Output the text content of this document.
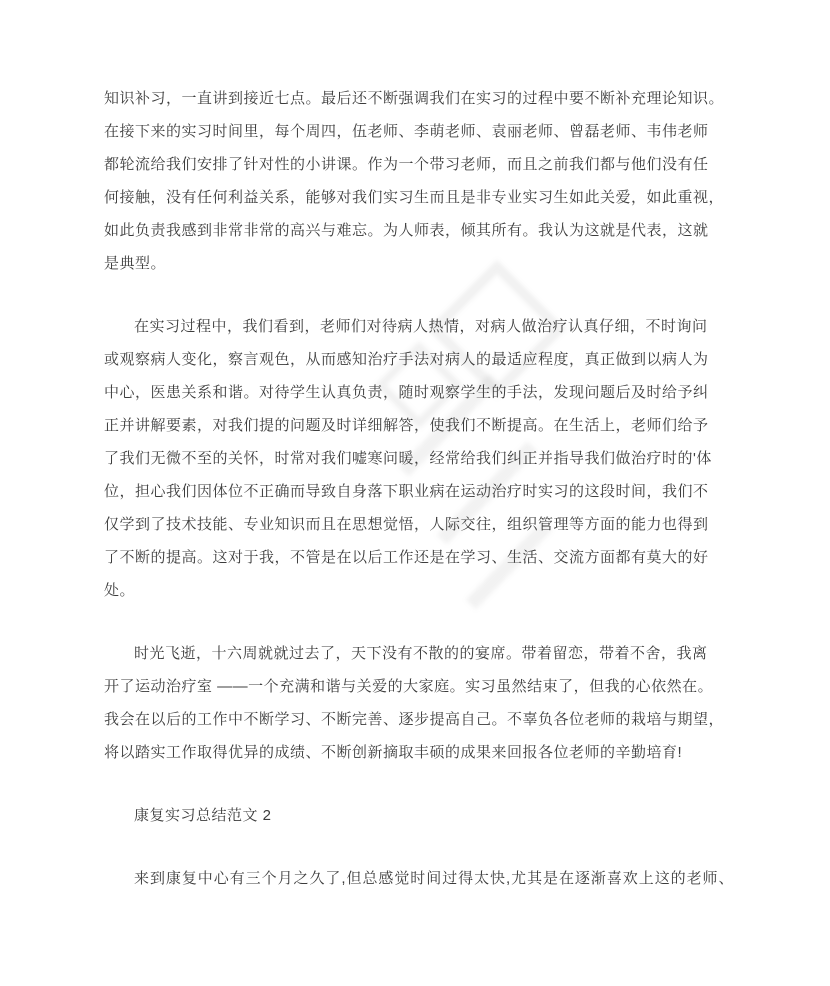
知识补习，一直讲到接近七点。最后还不断强调我们在实习的过程中要不断补充理论知识。
在接下来的实习时间里，每个周四，伍老师、李萌老师、袁丽老师、曾磊老师、韦伟老师
都轮流给我们安排了针对性的小讲课。作为一个带习老师，而且之前我们都与他们没有任
何接触，没有任何利益关系，能够对我们实习生而且是非专业实习生如此关爱，如此重视，
如此负责我感到非常非常的高兴与难忘。为人师表，倾其所有。我认为这就是代表，这就
是典型。
在实习过程中，我们看到，老师们对待病人热情，对病人做治疗认真仔细，不时询问
或观察病人变化，察言观色，从而感知治疗手法对病人的最适应程度，真正做到以病人为
中心，医患关系和谐。对待学生认真负责，随时观察学生的手法，发现问题后及时给予纠
正并讲解要素，对我们提的问题及时详细解答，使我们不断提高。在生活上，老师们给予
了我们无微不至的关怀，时常对我们嘘寒问暖，经常给我们纠正并指导我们做治疗时的'体
位，担心我们因体位不正确而导致自身落下职业病在运动治疗时实习的这段时间，我们不
仅学到了技术技能、专业知识而且在思想觉悟，人际交往，组织管理等方面的能力也得到
了不断的提高。这对于我，不管是在以后工作还是在学习、生活、交流方面都有莫大的好
处。
时光飞逝，十六周就就过去了，天下没有不散的的宴席。带着留恋，带着不舍，我离
开了运动治疗室 ——一个充满和谐与关爱的大家庭。实习虽然结束了，但我的心依然在。
我会在以后的工作中不断学习、不断完善、逐步提高自己。不辜负各位老师的栽培与期望，
将以踏实工作取得优异的成绩、不断创新摘取丰硕的成果来回报各位老师的辛勤培育!
康复实习总结范文 2
来到康复中心有三个月之久了,但总感觉时间过得太快,尤其是在逐渐喜欢上这的老师、
